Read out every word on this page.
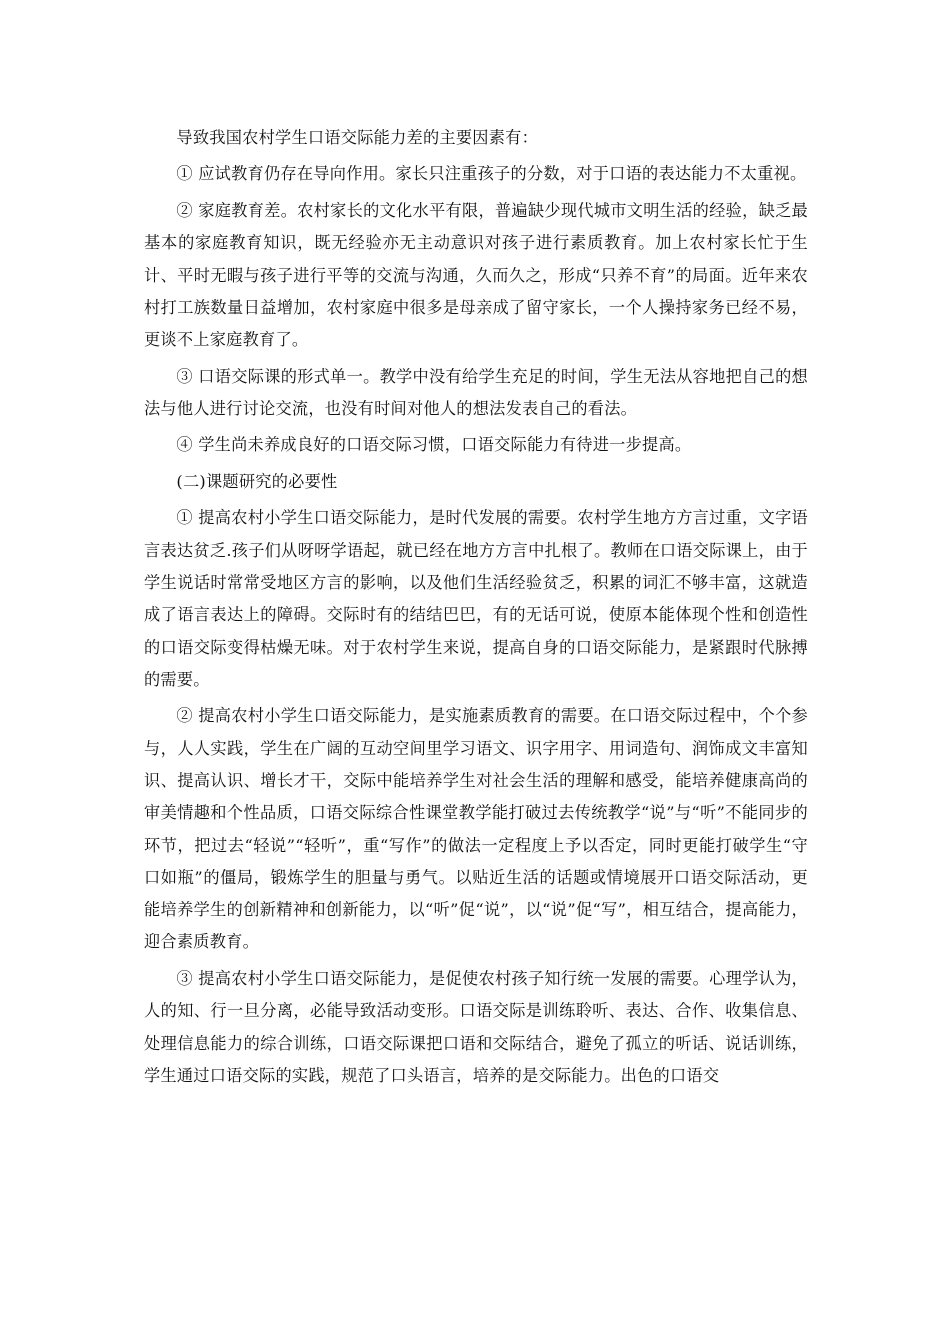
导致我国农村学生口语交际能力差的主要因素有：

① 应试教育仍存在导向作用。家长只注重孩子的分数，对于口语的表达能力不太重视。

② 家庭教育差。农村家长的文化水平有限，普遍缺少现代城市文明生活的经验，缺乏最基本的家庭教育知识，既无经验亦无主动意识对孩子进行素质教育。加上农村家长忙于生计、平时无暇与孩子进行平等的交流与沟通，久而久之，形成“只养不育”的局面。近年来农村打工族数量日益增加，农村家庭中很多是母亲成了留守家长，一个人操持家务已经不易，更谈不上家庭教育了。

③ 口语交际课的形式单一。教学中没有给学生充足的时间，学生无法从容地把自己的想法与他人进行讨论交流，也没有时间对他人的想法发表自己的看法。

④ 学生尚未养成良好的口语交际习惯，口语交际能力有待进一步提高。

(二)课题研究的必要性

① 提高农村小学生口语交际能力，是时代发展的需要。农村学生地方方言过重，文字语言表达贫乏.孩子们从呀呀学语起，就已经在地方方言中扎根了。教师在口语交际课上，由于学生说话时常常受地区方言的影响，以及他们生活经验贫乏，积累的词汇不够丰富，这就造成了语言表达上的障碍。交际时有的结结巴巴，有的无话可说，使原本能体现个性和创造性的口语交际变得枯燥无味。对于农村学生来说，提高自身的口语交际能力，是紧跟时代脉搏的需要。

② 提高农村小学生口语交际能力，是实施素质教育的需要。在口语交际过程中，个个参与，人人实践，学生在广阔的互动空间里学习语文、识字用字、用词造句、润饰成文丰富知识、提高认识、增长才干，交际中能培养学生对社会生活的理解和感受，能培养健康高尚的审美情趣和个性品质，口语交际综合性课堂教学能打破过去传统教学“说”与“听”不能同步的环节，把过去“轻说”“轻听”，重“写作”的做法一定程度上予以否定，同时更能打破学生“守口如瓶”的僵局，锻炼学生的胆量与勇气。以贴近生活的话题或情境展开口语交际活动，更能培养学生的创新精神和创新能力，以“听”促“说”，以“说”促“写”，相互结合，提高能力，迎合素质教育。

③ 提高农村小学生口语交际能力，是促使农村孩子知行统一发展的需要。心理学认为，人的知、行一旦分离，必能导致活动变形。口语交际是训练聆听、表达、合作、收集信息、处理信息能力的综合训练，口语交际课把口语和交际结合，避免了孤立的听话、说话训练，学生通过口语交际的实践，规范了口头语言，培养的是交际能力。出色的口语交
